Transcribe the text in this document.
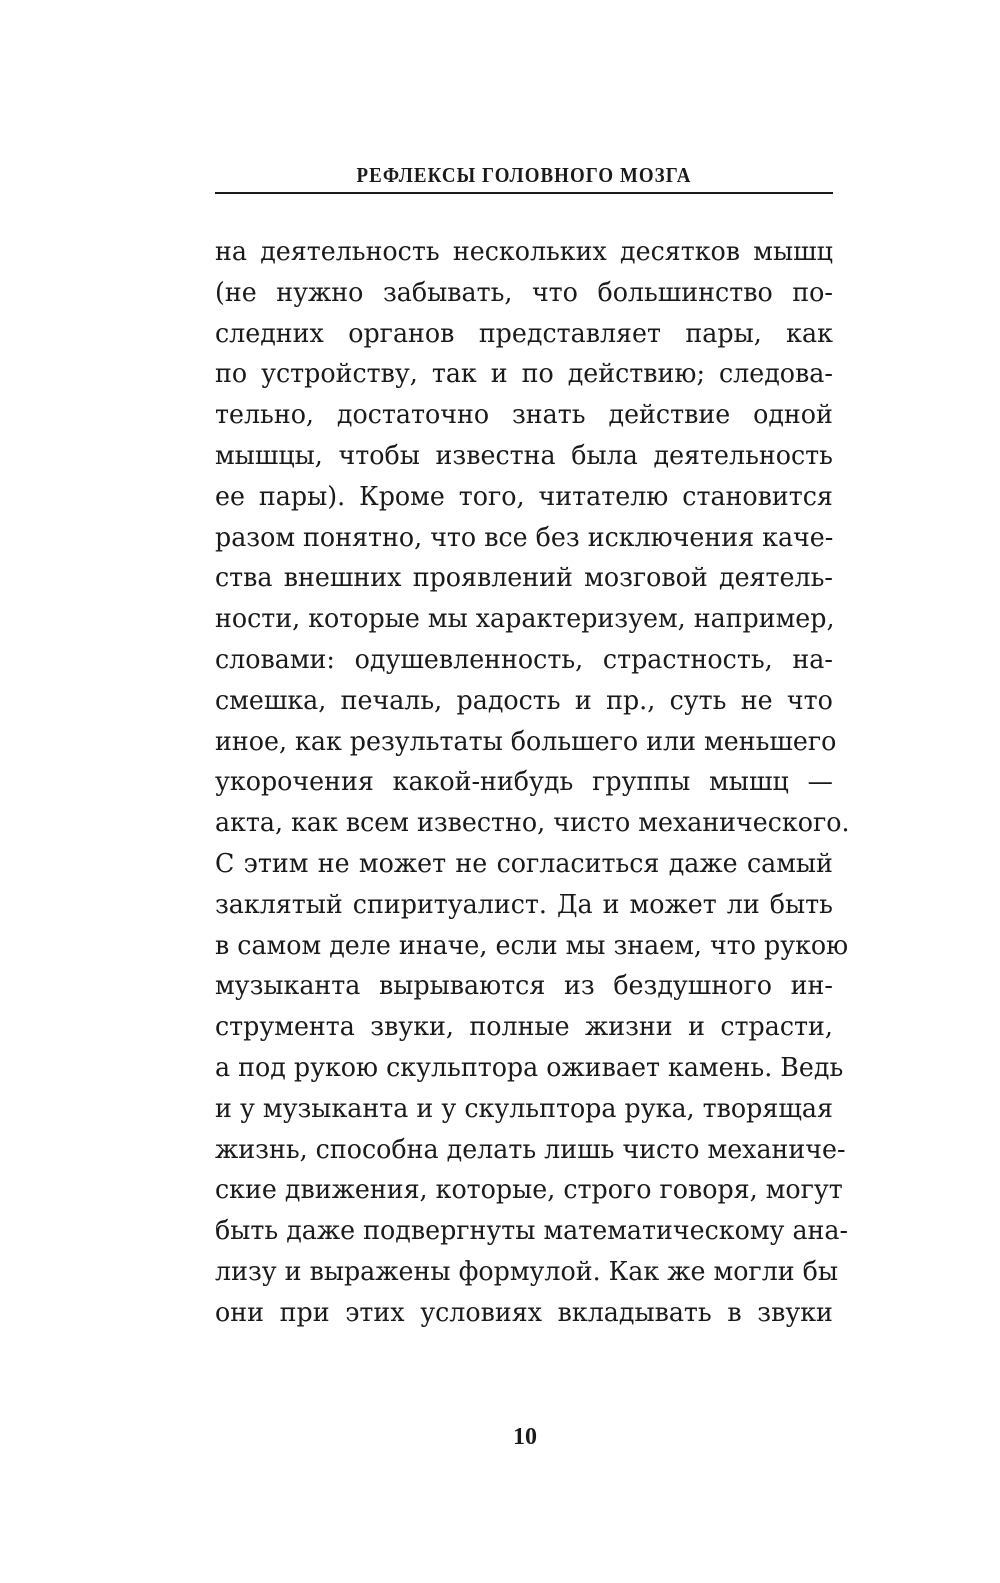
РЕФЛЕКСЫ ГОЛОВНОГО МОЗГА
на деятельность нескольких десятков мышц
(не нужно забывать, что большинство по-
следних органов представляет пары, как
по устройству, так и по действию; следова-
тельно, достаточно знать действие одной
мышцы, чтобы известна была деятельность
ее пары). Кроме того, читателю становится
разом понятно, что все без исключения каче-
ства внешних проявлений мозговой деятель-
ности, которые мы характеризуем, например,
словами: одушевленность, страстность, на-
смешка, печаль, радость и пр., суть не что
иное, как результаты большего или меньшего
укорочения какой-нибудь группы мышц —
акта, как всем известно, чисто механического.
С этим не может не согласиться даже самый
заклятый спиритуалист. Да и может ли быть
в самом деле иначе, если мы знаем, что рукою
музыканта вырываются из бездушного ин-
струмента звуки, полные жизни и страсти,
а под рукою скульптора оживает камень. Ведь
и у музыканта и у скульптора рука, творящая
жизнь, способна делать лишь чисто механиче-
ские движения, которые, строго говоря, могут
быть даже подвергнуты математическому ана-
лизу и выражены формулой. Как же могли бы
они при этих условиях вкладывать в звуки
10
